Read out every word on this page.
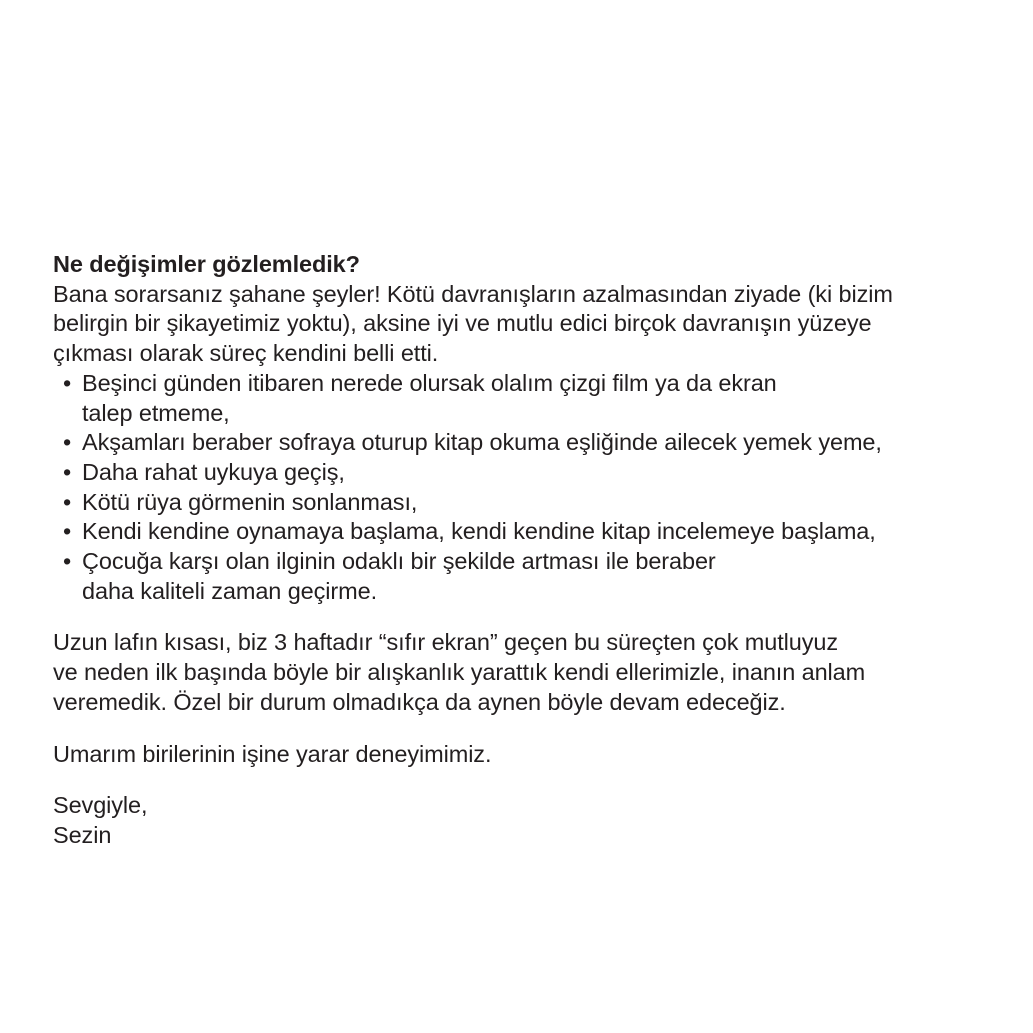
Ne değişimler gözlemledik?
Bana sorarsanız şahane şeyler! Kötü davranışların azalmasından ziyade (ki bizim
belirgin bir şikayetimiz yoktu), aksine iyi ve mutlu edici birçok davranışın yüzeye
çıkması olarak süreç kendini belli etti.
• Beşinci günden itibaren nerede olursak olalım çizgi film ya da ekran
talep etmeme,
• Akşamları beraber sofraya oturup kitap okuma eşliğinde ailecek yemek yeme,
• Daha rahat uykuya geçiş,
• Kötü rüya görmenin sonlanması,
• Kendi kendine oynamaya başlama, kendi kendine kitap incelemeye başlama,
• Çocuğa karşı olan ilginin odaklı bir şekilde artması ile beraber
daha kaliteli zaman geçirme.
Uzun lafın kısası, biz 3 haftadır “sıfır ekran” geçen bu süreçten çok mutluyuz
ve neden ilk başında böyle bir alışkanlık yarattık kendi ellerimizle, inanın anlam
veremedik. Özel bir durum olmadıkça da aynen böyle devam edeceğiz.
Umarım birilerinin işine yarar deneyimimiz.
Sevgiyle,
Sezin
